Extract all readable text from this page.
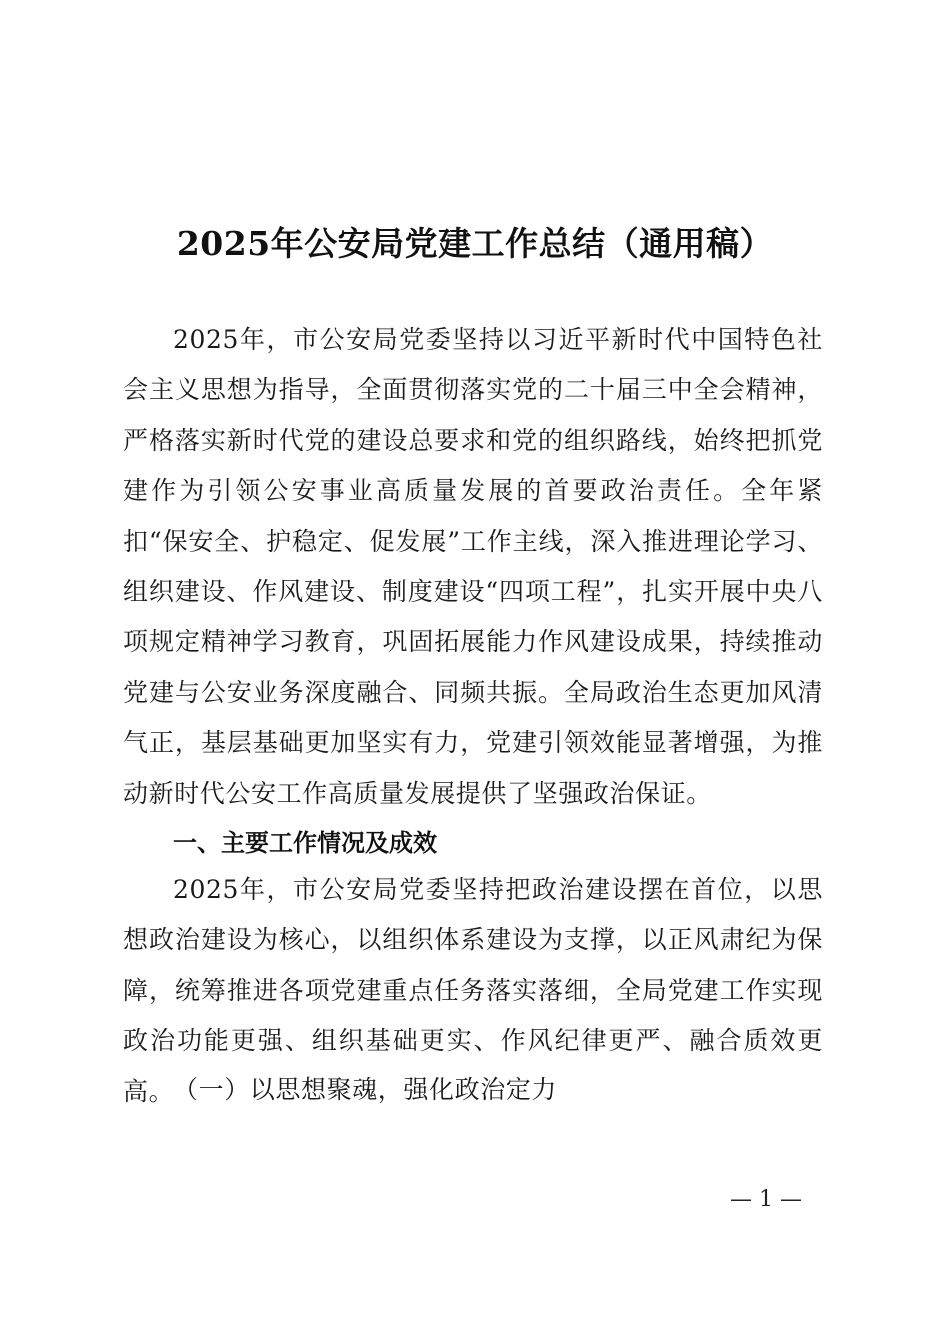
2025年公安局党建工作总结（通用稿）

2025年，市公安局党委坚持以习近平新时代中国特色社会主义思想为指导，全面贯彻落实党的二十届三中全会精神，严格落实新时代党的建设总要求和党的组织路线，始终把抓党建作为引领公安事业高质量发展的首要政治责任。全年紧扣“保安全、护稳定、促发展”工作主线，深入推进理论学习、组织建设、作风建设、制度建设“四项工程”，扎实开展中央八项规定精神学习教育，巩固拓展能力作风建设成果，持续推动党建与公安业务深度融合、同频共振。全局政治生态更加风清气正，基层基础更加坚实有力，党建引领效能显著增强，为推动新时代公安工作高质量发展提供了坚强政治保证。

一、主要工作情况及成效

2025年，市公安局党委坚持把政治建设摆在首位，以思想政治建设为核心，以组织体系建设为支撑，以正风肃纪为保障，统筹推进各项党建重点任务落实落细，全局党建工作实现政治功能更强、组织基础更实、作风纪律更严、融合质效更高。

（一）以思想聚魂，强化政治定力

— 1 —
